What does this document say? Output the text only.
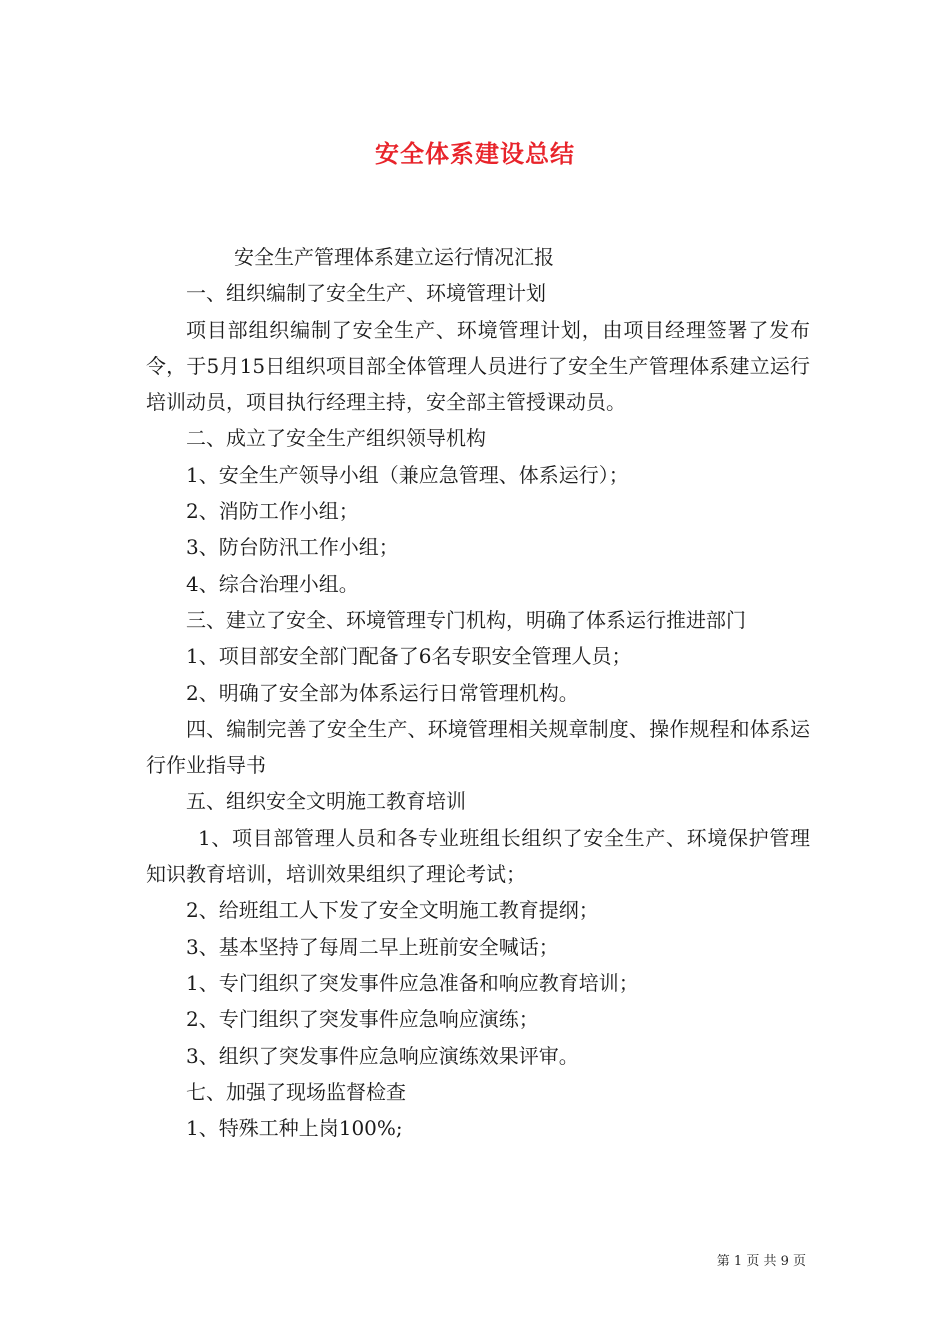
安全体系建设总结

安全生产管理体系建立运行情况汇报

一、组织编制了安全生产、环境管理计划

项目部组织编制了安全生产、环境管理计划，由项目经理签署了发布令，于5月15日组织项目部全体管理人员进行了安全生产管理体系建立运行培训动员，项目执行经理主持，安全部主管授课动员。

二、成立了安全生产组织领导机构

1、安全生产领导小组（兼应急管理、体系运行）；

2、消防工作小组；

3、防台防汛工作小组；

4、综合治理小组。

三、建立了安全、环境管理专门机构，明确了体系运行推进部门

1、项目部安全部门配备了6名专职安全管理人员；

2、明确了安全部为体系运行日常管理机构。

四、编制完善了安全生产、环境管理相关规章制度、操作规程和体系运行作业指导书

五、组织安全文明施工教育培训

1、项目部管理人员和各专业班组长组织了安全生产、环境保护管理知识教育培训，培训效果组织了理论考试；

2、给班组工人下发了安全文明施工教育提纲；

3、基本坚持了每周二早上班前安全喊话；

1、专门组织了突发事件应急准备和响应教育培训；

2、专门组织了突发事件应急响应演练；

3、组织了突发事件应急响应演练效果评审。

七、加强了现场监督检查

1、特殊工种上岗100%;

第 1 页 共 9 页
